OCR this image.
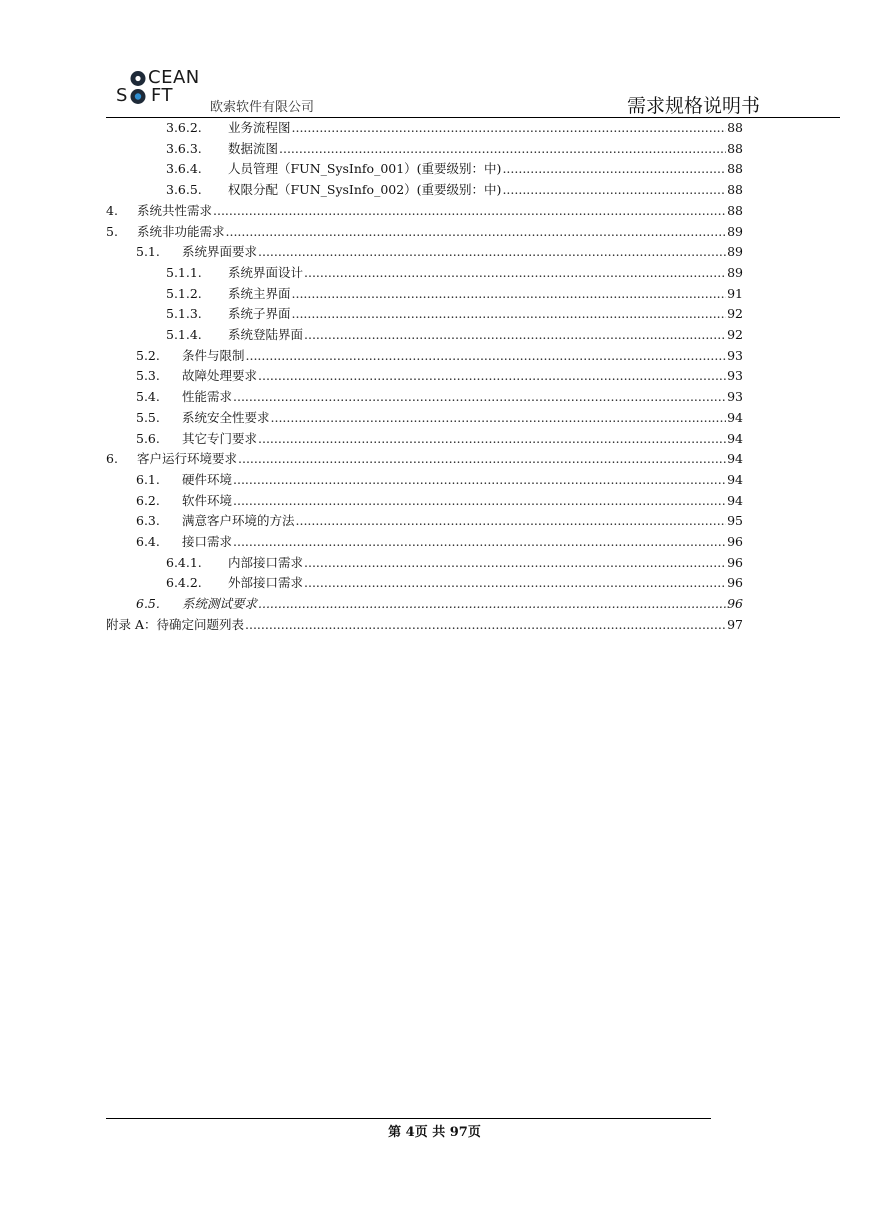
CEAN
S FT
欧索软件有限公司	需求规格说明书
3.6.2.	业务流程图 .....	88
3.6.3.	数据流图 .....	88
3.6.4.	人员管理（FUN_SysInfo_001）(重要级别：中) .....	88
3.6.5.	权限分配（FUN_SysInfo_002）(重要级别：中) .....	88
4.	系统共性需求 .....	88
5.	系统非功能需求 .....	89
5.1.	系统界面要求 .....	89
5.1.1.	系统界面设计 .....	89
5.1.2.	系统主界面 .....	91
5.1.3.	系统子界面 .....	92
5.1.4.	系统登陆界面 .....	92
5.2.	条件与限制 .....	93
5.3.	故障处理要求 .....	93
5.4.	性能需求 .....	93
5.5.	系统安全性要求 .....	94
5.6.	其它专门要求 .....	94
6.	客户运行环境要求 .....	94
6.1.	硬件环境 .....	94
6.2.	软件环境 .....	94
6.3.	满意客户环境的方法 .....	95
6.4.	接口需求 .....	96
6.4.1.	内部接口需求 .....	96
6.4.2.	外部接口需求 .....	96
6.5.	系统测试要求 .....	96
附录 A：待确定问题列表 .....	97
第 4页 共 97页
